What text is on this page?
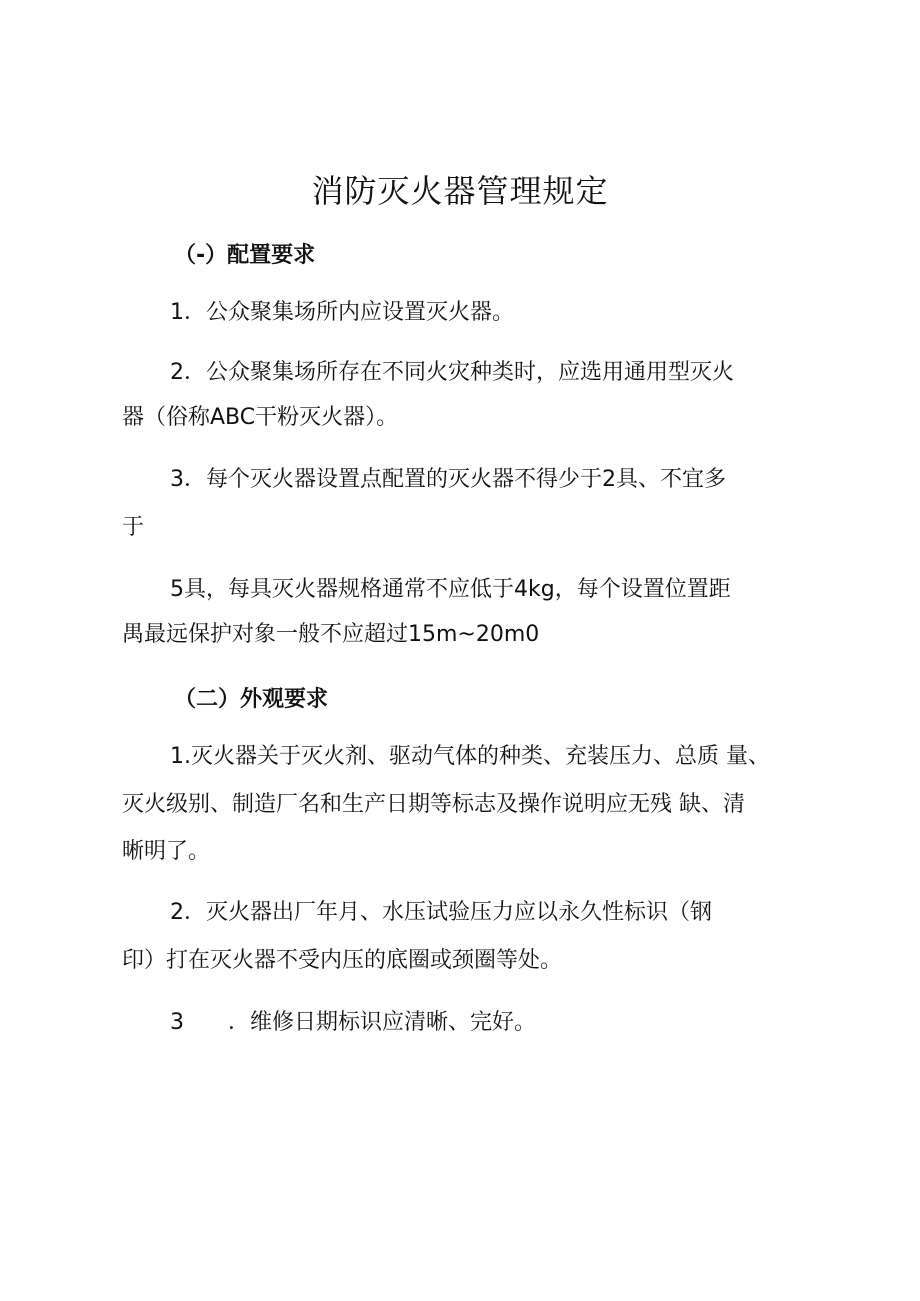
消防灭火器管理规定
（-）配置要求
1．公众聚集场所内应设置灭火器。
2．公众聚集场所存在不同火灾种类时，应选用通用型灭火
器（俗称ABC干粉灭火器）。
3．每个灭火器设置点配置的灭火器不得少于2具、不宜多
于
5具，每具灭火器规格通常不应低于4kg，每个设置位置距
禺最远保护对象一般不应超过15m~20m0
（二）外观要求
1.灭火器关于灭火剂、驱动气体的种类、充装压力、总质 量、
灭火级别、制造厂名和生产日期等标志及操作说明应无残 缺、清
晰明了。
2．灭火器出厂年月、水压试验压力应以永久性标识（钢
印）打在灭火器不受内压的底圈或颈圈等处。
3　　．维修日期标识应清晰、完好。
